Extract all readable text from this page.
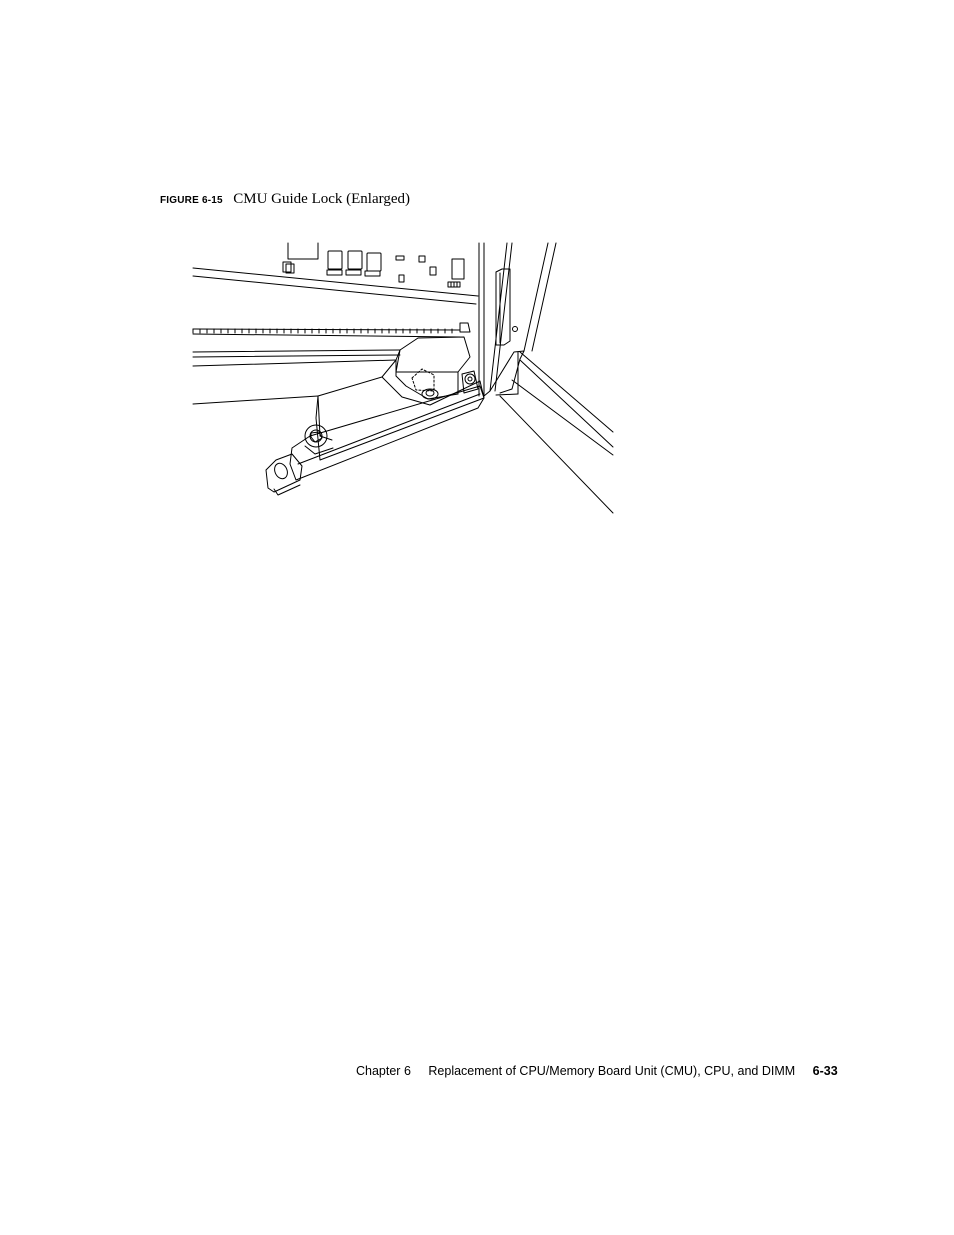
FIGURE 6-15 CMU Guide Lock (Enlarged)
Chapter 6 Replacement of CPU/Memory Board Unit (CMU), CPU, and DIMM 6-33
